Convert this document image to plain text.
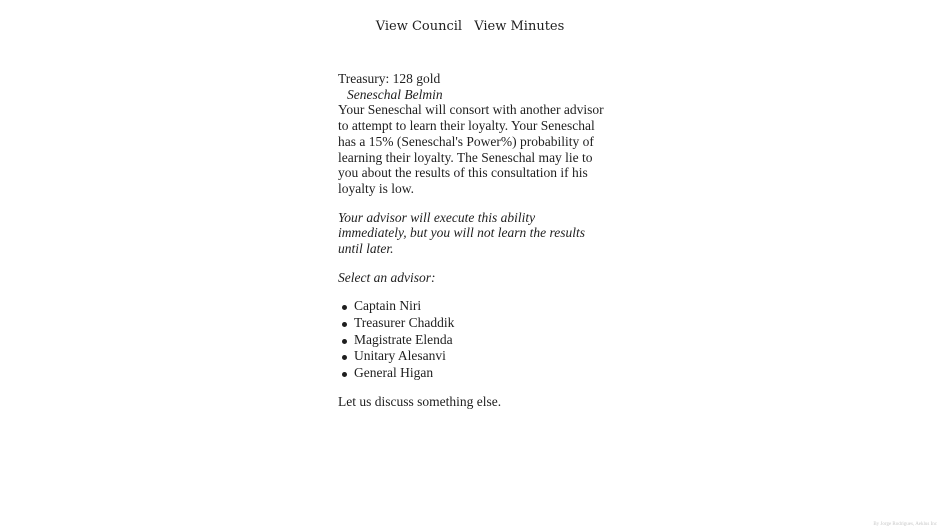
View Council View Minutes

Treasury: 128 gold

Seneschal Belmin

Your Seneschal will consort with another advisor to attempt to learn their loyalty. Your Seneschal has a 15% (Seneschal's Power%) probability of learning their loyalty. The Seneschal may lie to you about the results of this consultation if his loyalty is low.

Your advisor will execute this ability immediately, but you will not learn the results until later.

Select an advisor:

Captain Niri
Treasurer Chaddik
Magistrate Elenda
Unitary Alesanvi
General Higan

Let us discuss something else.

By Jorge Rodrigues, Aeklus Inc
